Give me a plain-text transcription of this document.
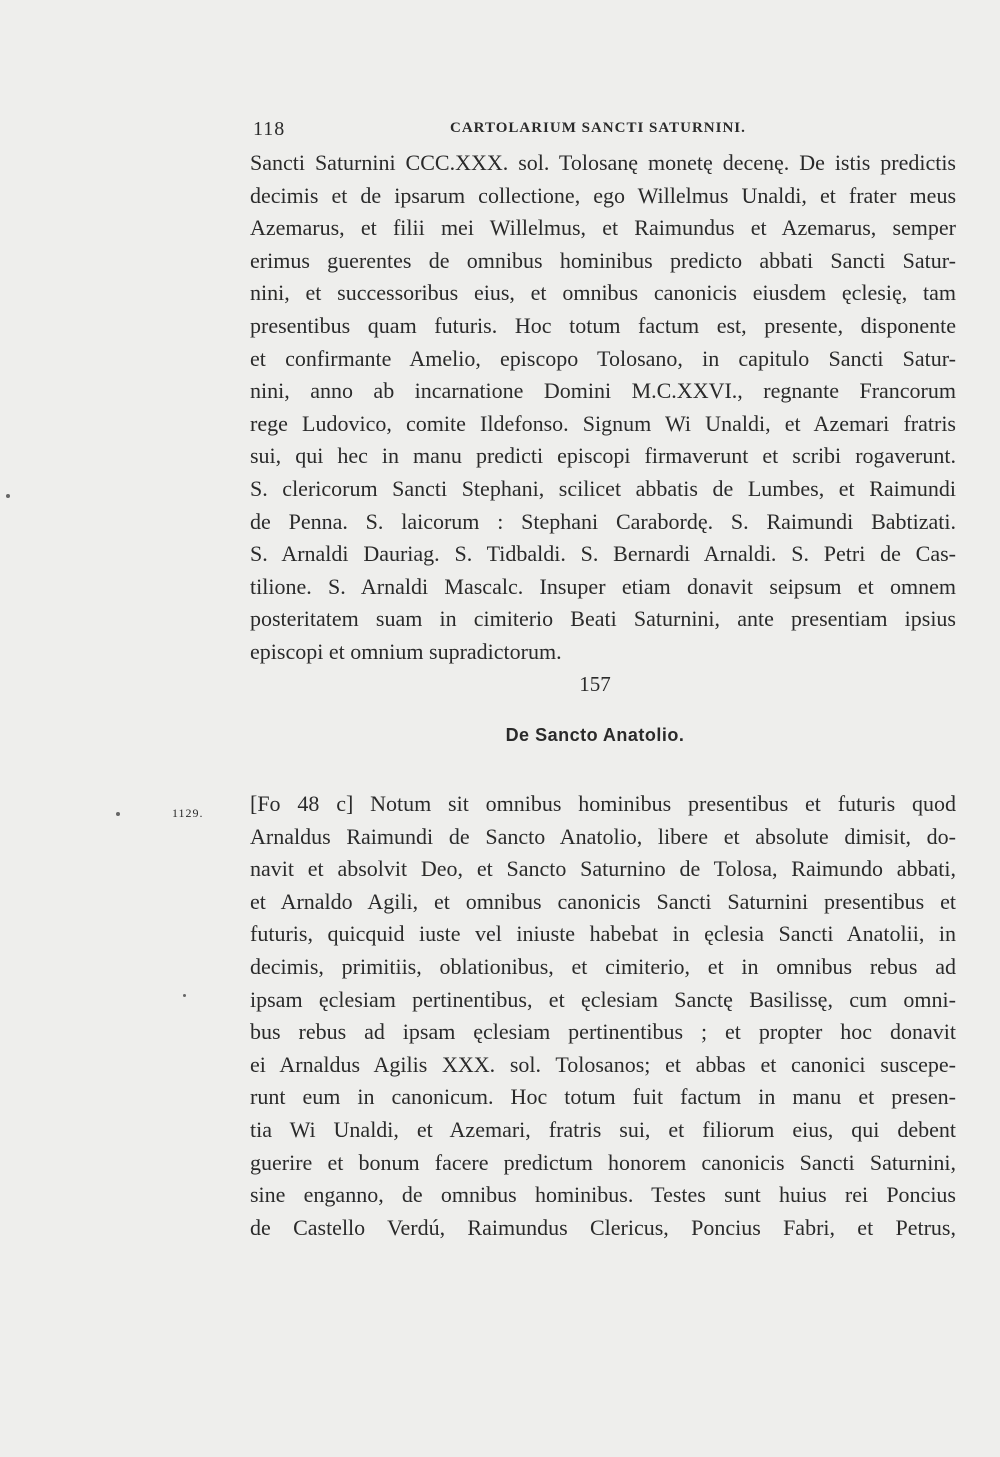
118	CARTOLARIUM SANCTI SATURNINI.
Sancti Saturnini CCC.XXX. sol. Tolosanę monetę decenę. De istis predictis
decimis et de ipsarum collectione, ego Willelmus Unaldi, et frater meus
Azemarus, et filii mei Willelmus, et Raimundus et Azemarus, semper
erimus guerentes de omnibus hominibus predicto abbati Sancti Satur-
nini, et successoribus eius, et omnibus canonicis eiusdem ęclesię, tam
presentibus quam futuris. Hoc totum factum est, presente, disponente
et confirmante Amelio, episcopo Tolosano, in capitulo Sancti Satur-
nini, anno ab incarnatione Domini M.C.XXVI., regnante Francorum
rege Ludovico, comite Ildefonso. Signum Wi Unaldi, et Azemari fratris
sui, qui hec in manu predicti episcopi firmaverunt et scribi rogaverunt.
S. clericorum Sancti Stephani, scilicet abbatis de Lumbes, et Raimundi
de Penna. S. laicorum : Stephani Carabordę. S. Raimundi Babtizati.
S. Arnaldi Dauriag. S. Tidbaldi. S. Bernardi Arnaldi. S. Petri de Cas-
tilione. S. Arnaldi Mascalc. Insuper etiam donavit seipsum et omnem
posteritatem suam in cimiterio Beati Saturnini, ante presentiam ipsius
episcopi et omnium supradictorum.
157
De Sancto Anatolio.
1129. [Fo 48 c] Notum sit omnibus hominibus presentibus et futuris quod
Arnaldus Raimundi de Sancto Anatolio, libere et absolute dimisit, do-
navit et absolvit Deo, et Sancto Saturnino de Tolosa, Raimundo abbati,
et Arnaldo Agili, et omnibus canonicis Sancti Saturnini presentibus et
futuris, quicquid iuste vel iniuste habebat in ęclesia Sancti Anatolii, in
decimis, primitiis, oblationibus, et cimiterio, et in omnibus rebus ad
ipsam ęclesiam pertinentibus, et ęclesiam Sanctę Basilissę, cum omni-
bus rebus ad ipsam ęclesiam pertinentibus ; et propter hoc donavit
ei Arnaldus Agilis XXX. sol. Tolosanos; et abbas et canonici suscepe-
runt eum in canonicum. Hoc totum fuit factum in manu et presen-
tia Wi Unaldi, et Azemari, fratris sui, et filiorum eius, qui debent
guerire et bonum facere predictum honorem canonicis Sancti Saturnini,
sine enganno, de omnibus hominibus. Testes sunt huius rei Poncius
de Castello Verdú, Raimundus Clericus, Poncius Fabri, et Petrus,
